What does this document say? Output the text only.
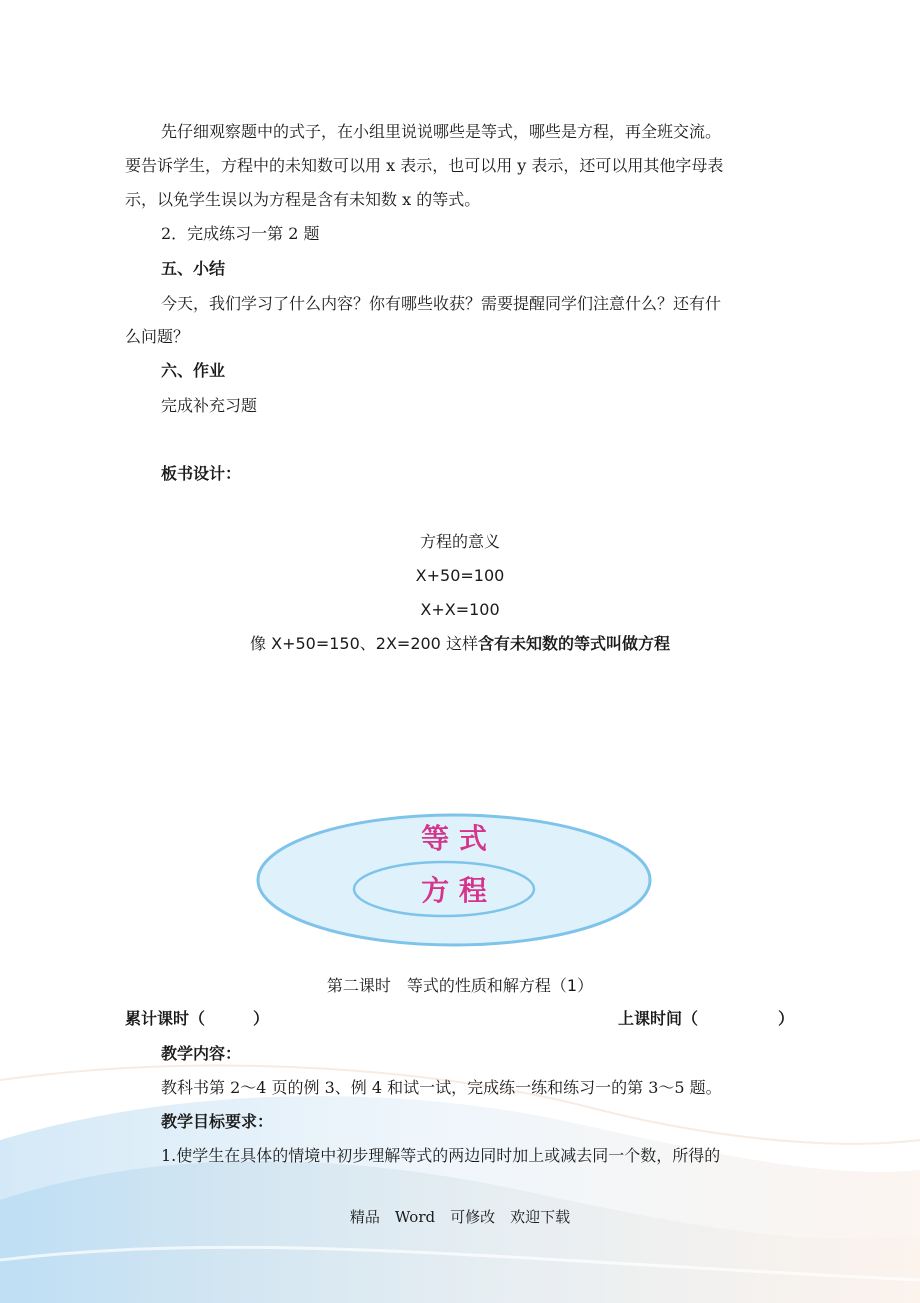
先仔细观察题中的式子，在小组里说说哪些是等式，哪些是方程，再全班交流。
要告诉学生，方程中的未知数可以用 x 表示，也可以用 y 表示，还可以用其他字母表
示，以免学生误以为方程是含有未知数 x 的等式。
2．完成练习一第 2 题
五、小结
今天，我们学习了什么内容？你有哪些收获？需要提醒同学们注意什么？还有什
么问题？
六、作业
完成补充习题
板书设计：
方程的意义
X+50=100
X+X=100
像 X+50=150、2X=200 这样含有未知数的等式叫做方程
等 式
方 程
第二课时　等式的性质和解方程（1）
累计课时（　　　）	上课时间（　　　　　）
教学内容：
教科书第 2～4 页的例 3、例 4 和试一试，完成练一练和练习一的第 3～5 题。
教学目标要求：
1.使学生在具体的情境中初步理解等式的两边同时加上或减去同一个数，所得的
精品　Word　可修改　欢迎下载
